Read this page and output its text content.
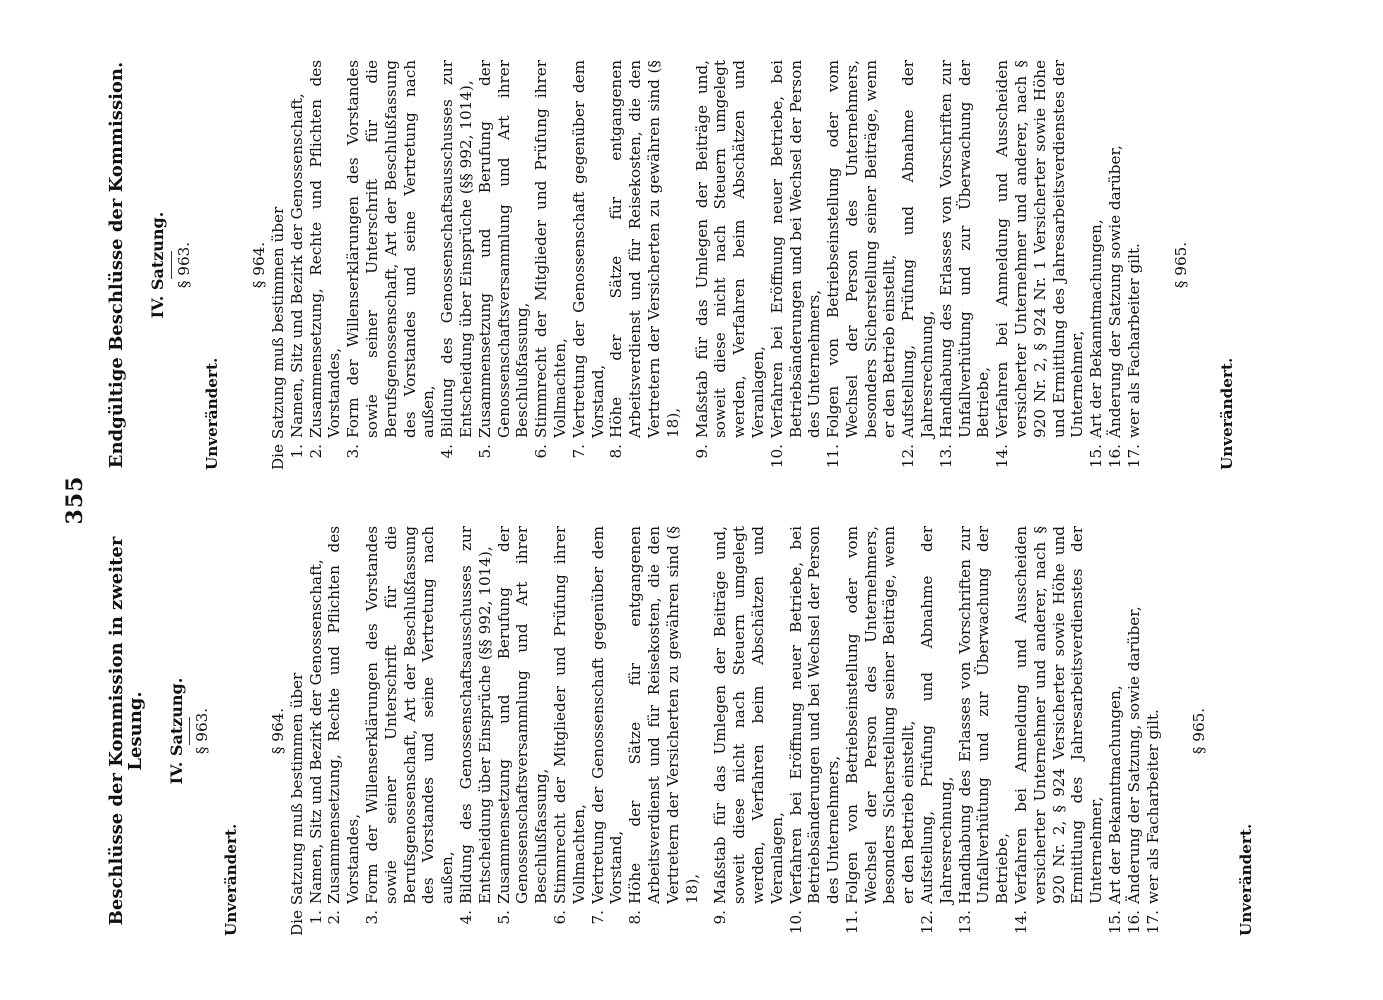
355

Beschlüsse der Kommission in zweiter Lesung. IV. Satzung. § 963.

Unverändert.

§ 964. Die Satzung muß bestimmen über 1.
Namen, Sitz und Bezirk der Genossenschaft,
2.
Zusammensetzung, Rechte und Pflichten des Vorstandes,
3.
Form der Willenserklärungen des Vorstandes sowie seiner Unterschrift für die Berufsgenossenschaft, Art der Beschlußfassung des Vorstandes und seine Vertretung nach außen,
4.
Bildung des Genossenschaftsausschusses zur Entscheidung über Einsprüche (§§ 992, 1014),
5.
Zusammensetzung und Berufung der Genossenschaftsversammlung und Art ihrer Beschlußfassung,
6.
Stimmrecht der Mitglieder und Prüfung ihrer Vollmachten,
7.
Vertretung der Genossenschaft gegenüber dem Vorstand,
8.
Höhe der Sätze für entgangenen Arbeitsverdienst und für Reisekosten, die den Vertretern der Versicherten zu gewähren sind (§ 18),
9.
Maßstab für das Umlegen der Beiträge und, soweit diese nicht nach Steuern umgelegt werden, Verfahren beim Abschätzen und Veranlagen,
10.
Verfahren bei Eröffnung neuer Betriebe, bei Betriebsänderungen und bei Wechsel der Person des Unternehmers,
11.
Folgen von Betriebseinstellung oder vom Wechsel der Person des Unternehmers, besonders Sicherstellung seiner Beiträge, wenn er den Betrieb einstellt,
12.
Aufstellung, Prüfung und Abnahme der Jahresrechnung,
13.
Handhabung des Erlasses von Vorschriften zur Unfallverhütung und zur Überwachung der Betriebe,
14.
Verfahren bei Anmeldung und Ausscheiden versicherter Unternehmer und anderer, nach § 920 Nr. 2, § 924 Versicherter sowie Höhe und Ermittlung des Jahresarbeitsverdienstes der Unternehmer,
15.
Art der Bekanntmachungen,
16.
Änderung der Satzung, sowie darüber,
17.
wer als Facharbeiter gilt. § 965.

Unverändert.

Endgültige Beschlüsse der Kommission. IV. Satzung. § 963.

Unverändert.

§ 964. Die Satzung muß bestimmen über 1.
Namen, Sitz und Bezirk der Genossenschaft,
2.
Zusammensetzung, Rechte und Pflichten des Vorstandes,
3.
Form der Willenserklärungen des Vorstandes sowie seiner Unterschrift für die Berufsgenossenschaft, Art der Beschlußfassung des Vorstandes und seine Vertretung nach außen,
4.
Bildung des Genossenschaftsausschusses zur Entscheidung über Einsprüche (§§ 992, 1014),
5.
Zusammensetzung und Berufung der Genossenschaftsversammlung und Art ihrer Beschlußfassung,
6.
Stimmrecht der Mitglieder und Prüfung ihrer Vollmachten,
7.
Vertretung der Genossenschaft gegenüber dem Vorstand,
8.
Höhe der Sätze für entgangenen Arbeitsverdienst und für Reisekosten, die den Vertretern der Versicherten zu gewähren sind (§ 18),
9.
Maßstab für das Umlegen der Beiträge und, soweit diese nicht nach Steuern umgelegt werden, Verfahren beim Abschätzen und Veranlagen,
10.
Verfahren bei Eröffnung neuer Betriebe, bei Betriebsänderungen und bei Wechsel der Person des Unternehmers,
11.
Folgen von Betriebseinstellung oder vom Wechsel der Person des Unternehmers, besonders Sicherstellung seiner Beiträge, wenn er den Betrieb einstellt,
12.
Aufstellung, Prüfung und Abnahme der Jahresrechnung,
13.
Handhabung des Erlasses von Vorschriften zur Unfallverhütung und zur Überwachung der Betriebe,
14.
Verfahren bei Anmeldung und Ausscheiden versicherter Unternehmer und anderer, nach § 920 Nr. 2, § 924 Nr. 1 Versicherter sowie Höhe und Ermittlung des Jahresarbeitsverdienstes der Unternehmer,
15.
Art der Bekanntmachungen,
16.
Änderung der Satzung sowie darüber,
17.
wer als Facharbeiter gilt. § 965.

Unverändert.
